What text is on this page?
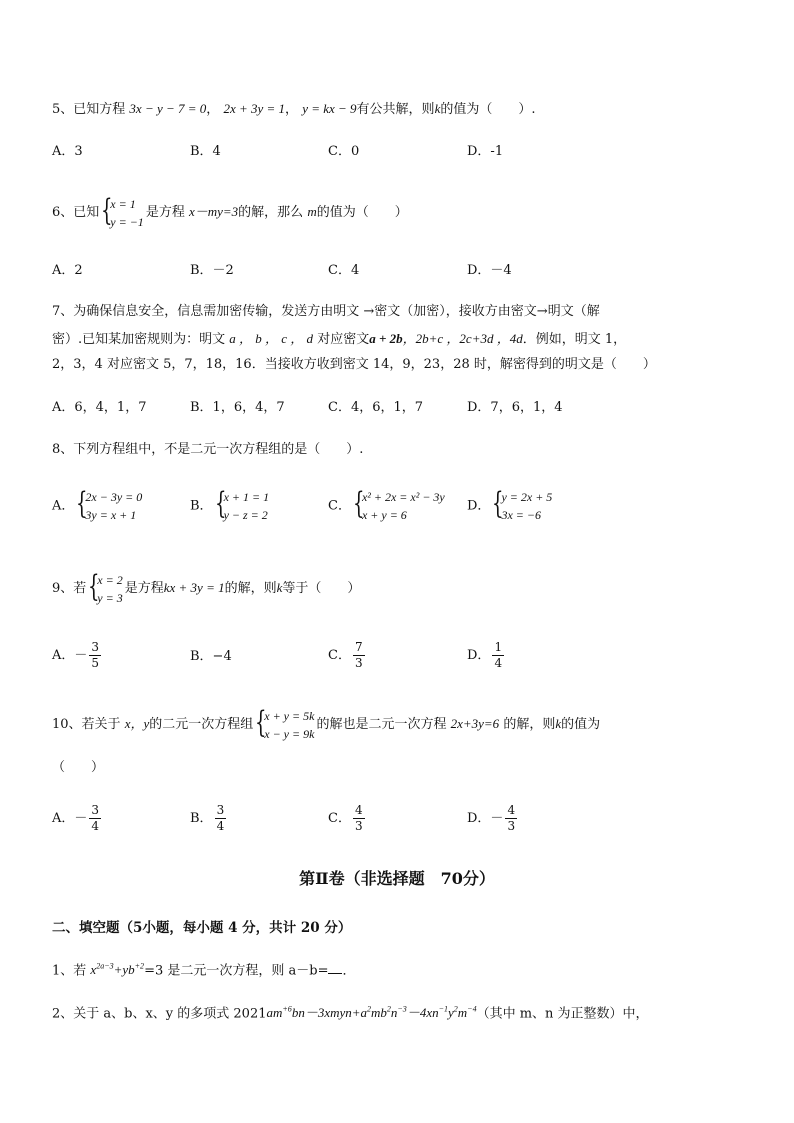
5、已知方程 3x − y − 7 = 0， 2x + 3y = 1， y = kx − 9有公共解，则k的值为（　　）.
A．3	B．4	C．0	D．-1
6、已知 {
x = 1
y = −1
是方程 x－my=3的解，那么 m的值为（　　）
A．2	B．－2	C．4	D．－4
7、为确保信息安全，信息需加密传输，发送方由明文 →密文（加密），接收方由密文→明文（解
密）.已知某加密规则为：明文 a ， b ， c ， d 对应密文a + 2b，2b+c ，2c+3d ，4d．例如，明文 1，
2，3，4 对应密文 5，7，18，16．当接收方收到密文 14，9，23，28 时，解密得到的明文是（　　）
A．6，4，1，7	B．1，6，4，7	C．4，6，1，7	D．7，6，1，4
8、下列方程组中，不是二元一次方程组的是（　　）.
A． {
2x − 3y = 0
3y = x + 1
B． {
x + 1 = 1
y − z = 2
C． {
x² + 2x = x² − 3y
x + y = 6
D． {
y = 2x + 5
3x = −6
9、若 {
x = 2
y = 3
是方程kx + 3y = 1的解，则k等于（　　）
A．－ $\frac{3}{5}$	B．−4	C． $\frac{7}{3}$	D． $\frac{1}{4}$
10、若关于 x，y的二元一次方程组 {
x + y = 5k
x − y = 9k
的解也是二元一次方程 2x+3y=6 的解，则k的值为
（　　）
A．－ $\frac{3}{4}$	B． $\frac{3}{4}$	C． $\frac{4}{3}$	D．－ $\frac{4}{3}$
第Ⅱ卷（非选择题　70分）
二、填空题（5小题，每小题 4 分，共计 20 分）
1、若 $x^{2a-3}+yb^{+2}=3$ 是二元一次方程，则 a－b= ．
2、关于 a、b、x、y 的多项式 $2021am^{+6}bn-3xmyn+a^2mb^2n^{-3}-4xn^{-1}y^2m^{-4}$（其中 m、n 为正整数）中，
